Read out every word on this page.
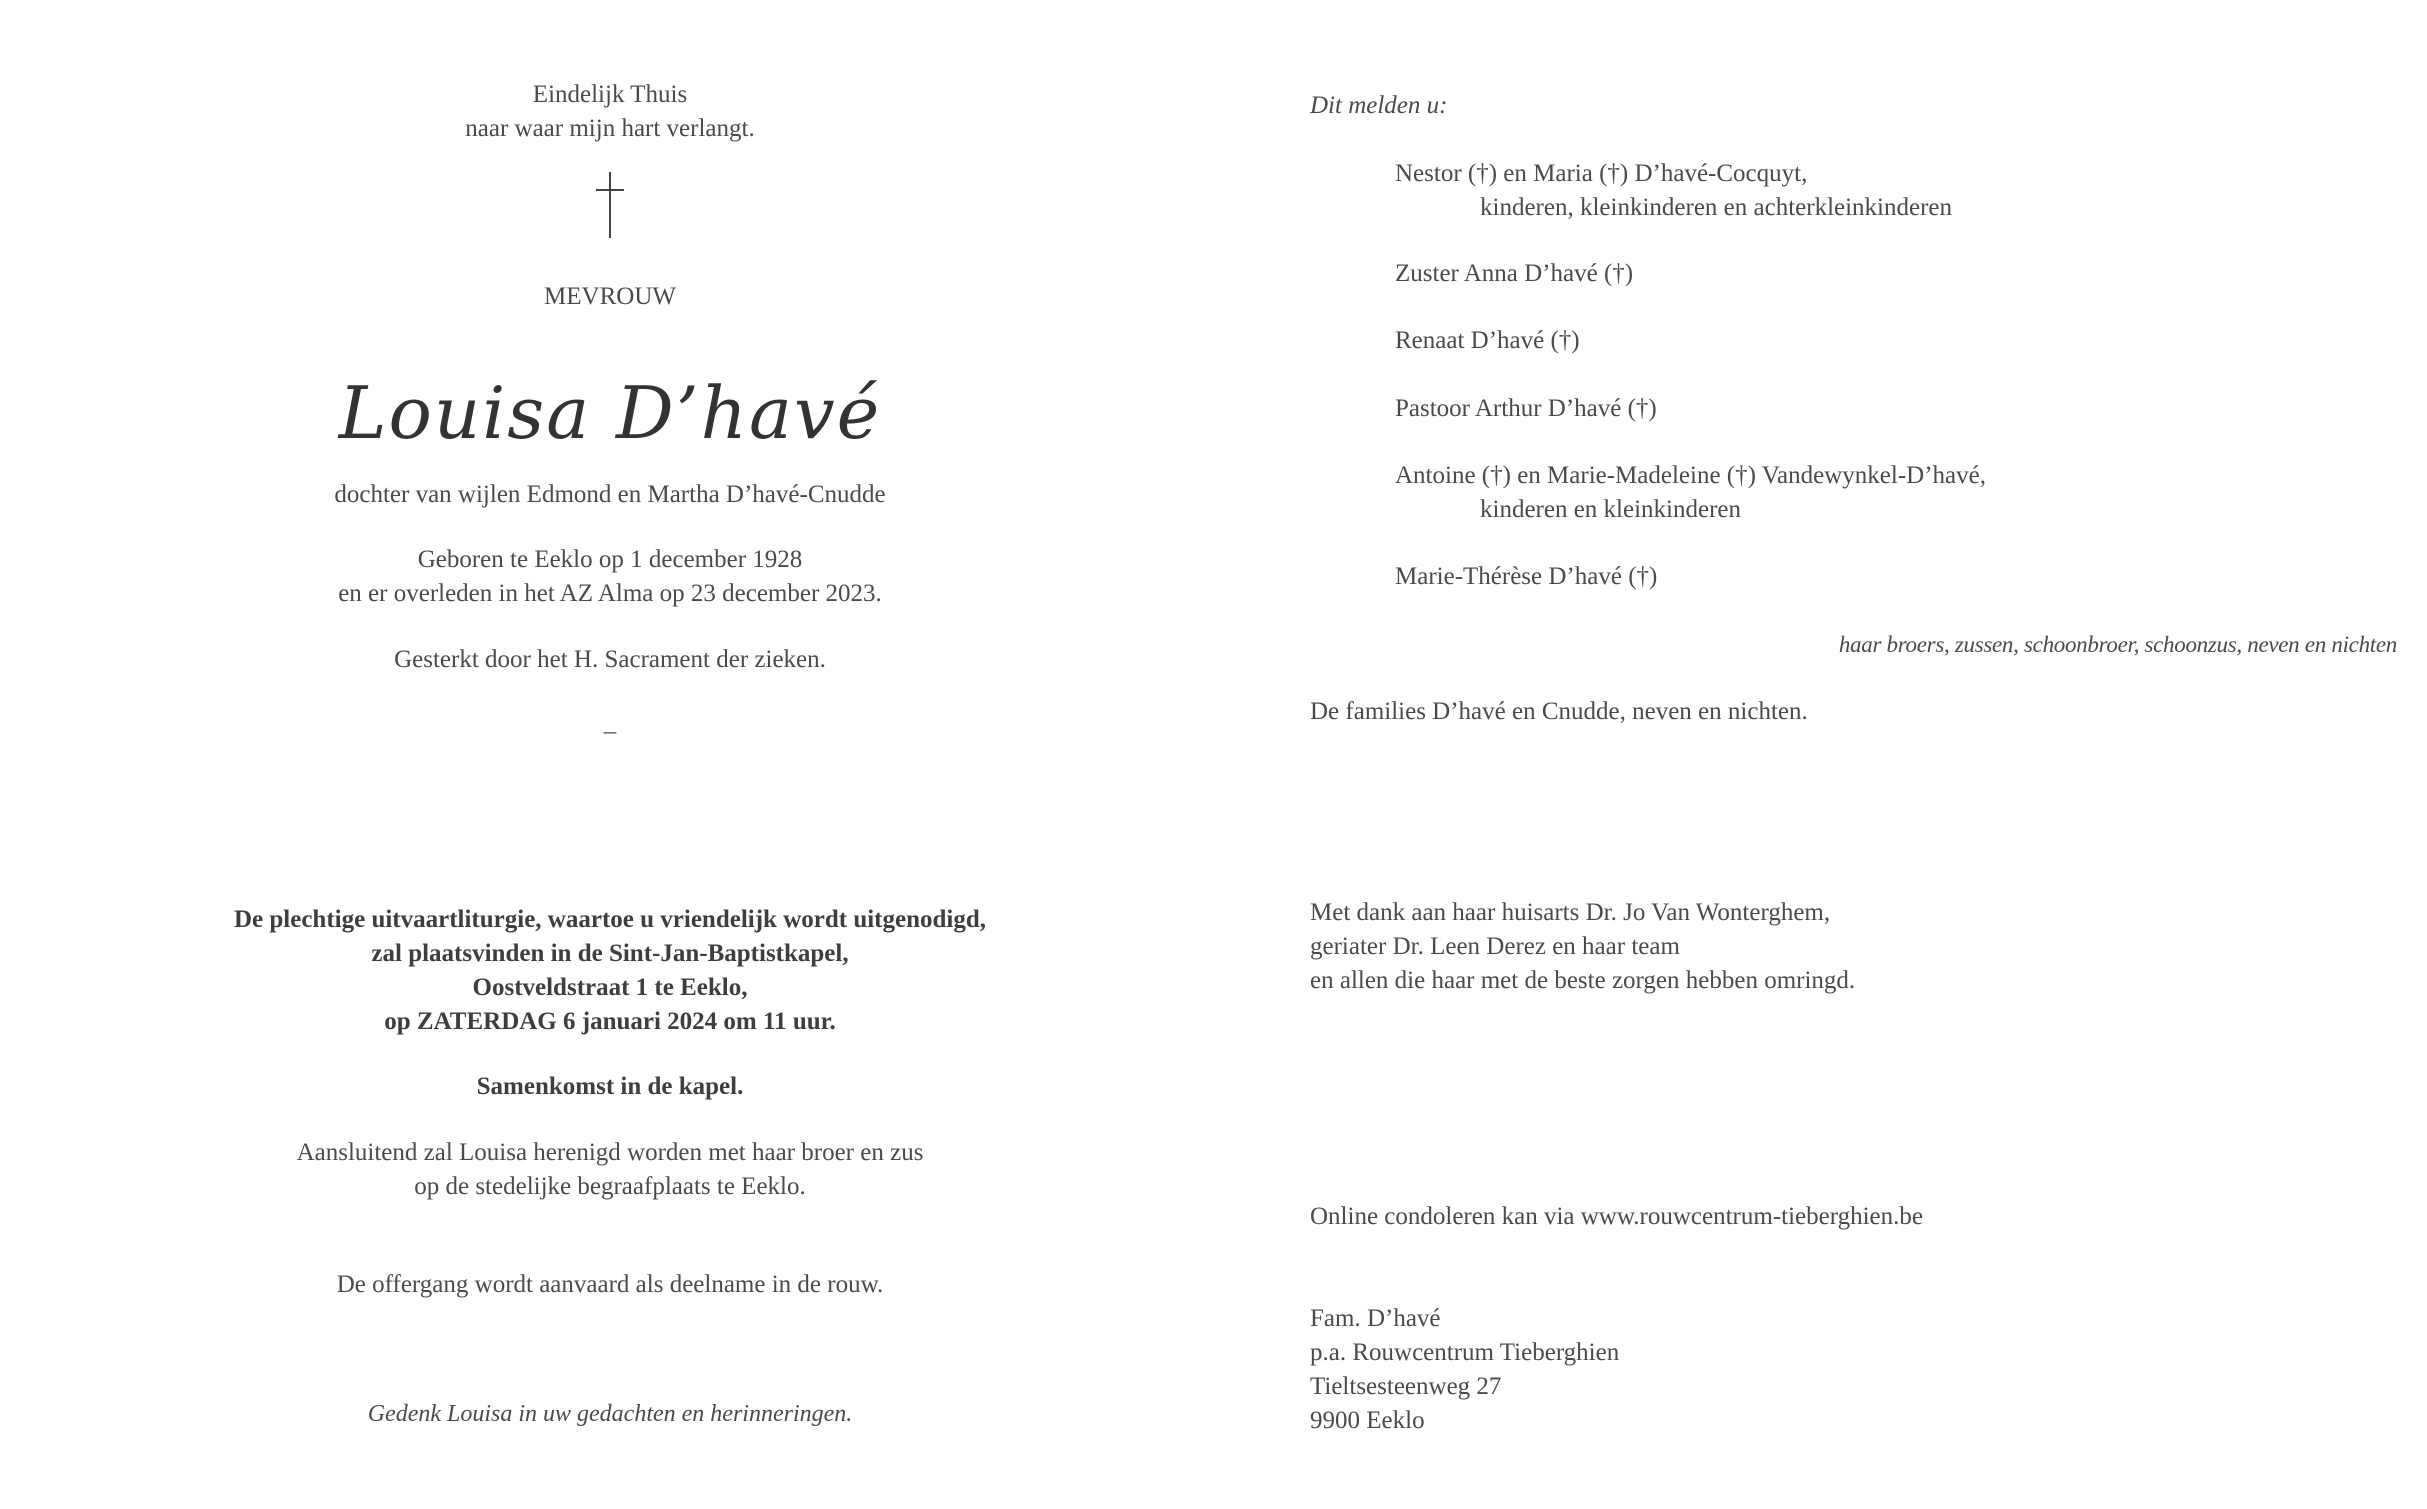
Eindelijk Thuis

naar waar mijn hart verlangt.

MEVROUW

Louisa D’havé

dochter van wijlen Edmond en Martha D’havé-Cnudde

Geboren te Eeklo op 1 december 1928

en er overleden in het AZ Alma op 23 december 2023.

Gesterkt door het H. Sacrament der zieken.

–

De plechtige uitvaartliturgie, waartoe u vriendelijk wordt uitgenodigd,

zal plaatsvinden in de Sint-Jan-Baptistkapel,

Oostveldstraat 1 te Eeklo,

op ZATERDAG 6 januari 2024 om 11 uur.

Samenkomst in de kapel.

Aansluitend zal Louisa herenigd worden met haar broer en zus

op de stedelijke begraafplaats te Eeklo.

De offergang wordt aanvaard als deelname in de rouw.

Gedenk Louisa in uw gedachten en herinneringen.

Dit melden u:

Nestor (†) en Maria (†) D’havé-Cocquyt,

kinderen, kleinkinderen en achterkleinkinderen

Zuster Anna D’havé (†)

Renaat D’havé (†)

Pastoor Arthur D’havé (†)

Antoine (†) en Marie-Madeleine (†) Vandewynkel-D’havé,

kinderen en kleinkinderen

Marie-Thérèse D’havé (†)

haar broers, zussen, schoonbroer, schoonzus, neven en nichten

De families D’havé en Cnudde, neven en nichten.

Met dank aan haar huisarts Dr. Jo Van Wonterghem,

geriater Dr. Leen Derez en haar team

en allen die haar met de beste zorgen hebben omringd.

Online condoleren kan via www.rouwcentrum-tieberghien.be

Fam. D’havé

p.a. Rouwcentrum Tieberghien

Tieltsesteenweg 27

9900 Eeklo
